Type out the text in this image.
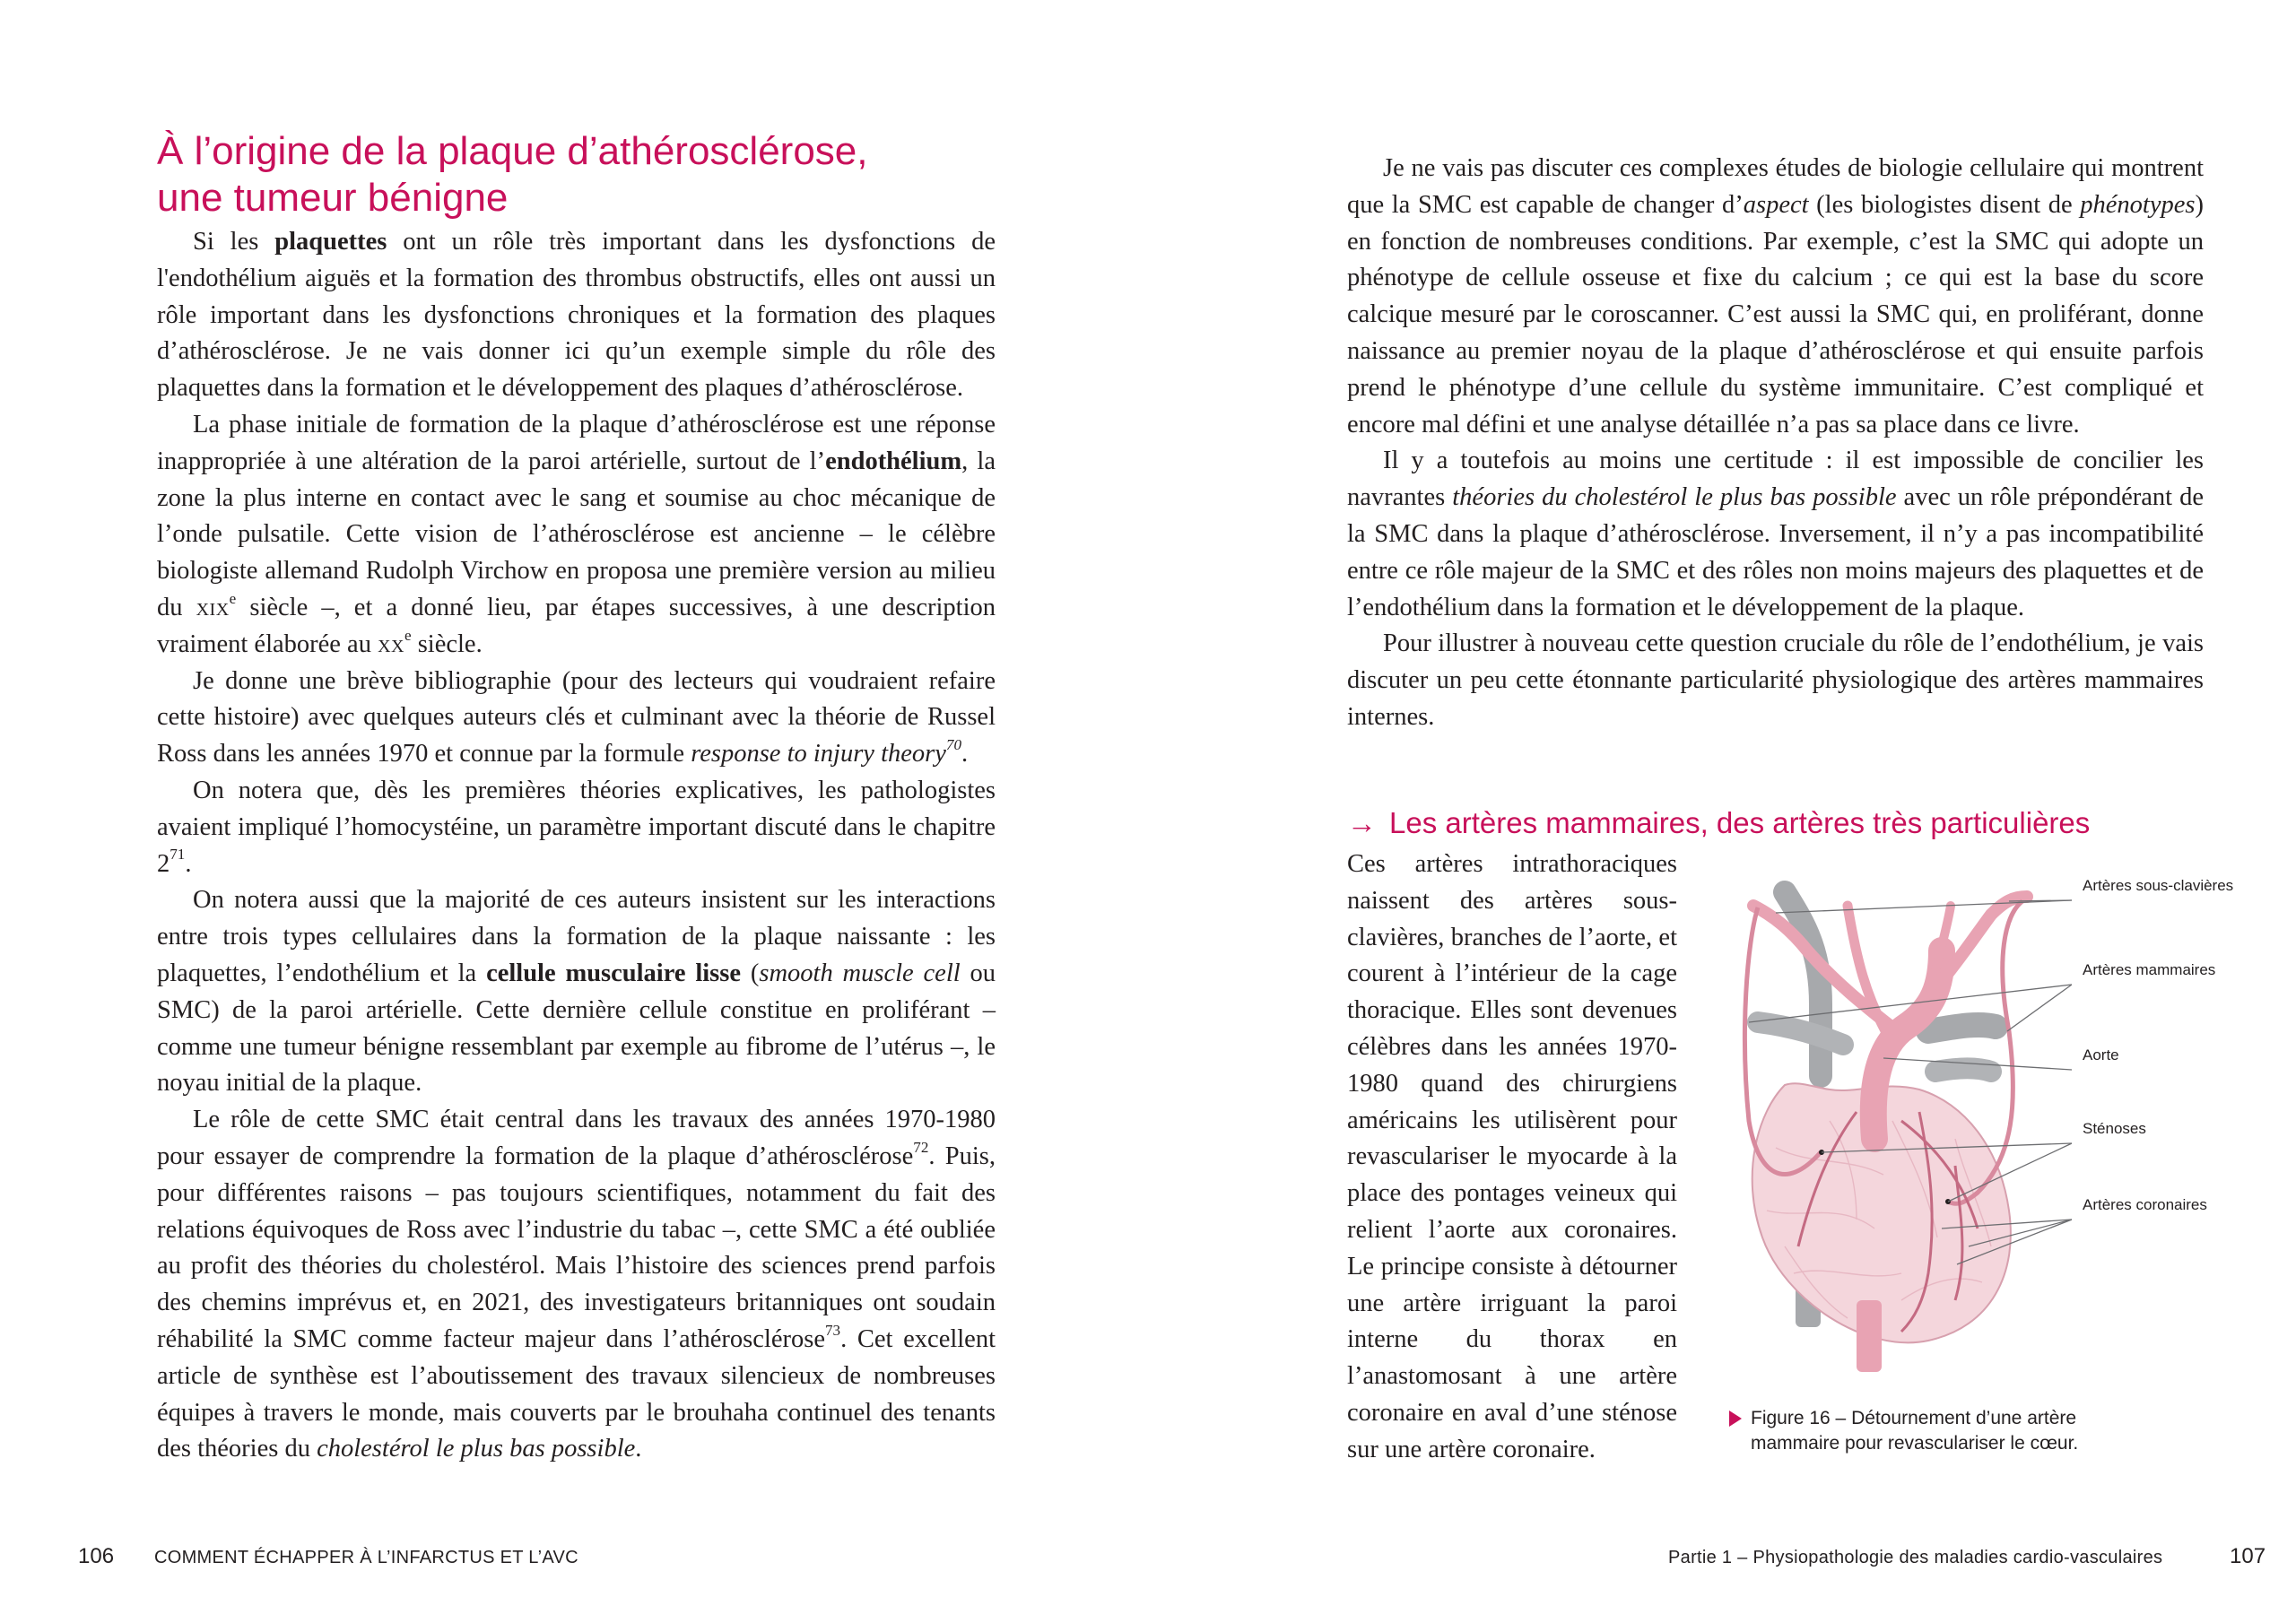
À l’origine de la plaque d’athérosclérose,
une tumeur bénigne

Si les plaquettes ont un rôle très important dans les dysfonctions de l'endothélium aiguës et la formation des thrombus obstructifs, elles ont aussi un rôle important dans les dysfonctions chroniques et la formation des plaques d’athérosclérose. Je ne vais donner ici qu’un exemple simple du rôle des plaquettes dans la formation et le développement des plaques d’athérosclérose.

La phase initiale de formation de la plaque d’athérosclérose est une réponse inappropriée à une altération de la paroi artérielle, surtout de l’endothélium, la zone la plus interne en contact avec le sang et soumise au choc mécanique de l’onde pulsatile. Cette vision de l’athérosclérose est ancienne – le célèbre biologiste allemand Rudolph Virchow en proposa une première version au milieu du xix$^e$ siècle –, et a donné lieu, par étapes successives, à une description vraiment élaborée au $xx^e$ siècle.

Je donne une brève bibliographie (pour des lecteurs qui voudraient refaire cette histoire) avec quelques auteurs clés et culminant avec la théorie de Russel Ross dans les années 1970 et connue par la formule response to injury theory$^{70}$.

On notera que, dès les premières théories explicatives, les pathologistes avaient impliqué l’homocystéine, un paramètre important discuté dans le chapitre $2^{71}$.

On notera aussi que la majorité de ces auteurs insistent sur les interactions entre trois types cellulaires dans la formation de la plaque naissante : les plaquettes, l’endothélium et la cellule musculaire lisse (smooth muscle cell ou SMC) de la paroi artérielle. Cette dernière cellule constitue en proliférant – comme une tumeur bénigne ressemblant par exemple au fibrome de l’utérus –, le noyau initial de la plaque.

Le rôle de cette SMC était central dans les travaux des années 1970-1980 pour essayer de comprendre la formation de la plaque d’athérosclérose$^{72}$. Puis, pour différentes raisons – pas toujours scientifiques, notamment du fait des relations équivoques de Ross avec l’industrie du tabac –, cette SMC a été oubliée au profit des théories du cholestérol. Mais l’histoire des sciences prend parfois des chemins imprévus et, en 2021, des investigateurs britanniques ont soudain réhabilité la SMC comme facteur majeur dans l’athérosclérose$^{73}$. Cet excellent article de synthèse est l’aboutissement des travaux silencieux de nombreuses équipes à travers le monde, mais couverts par le brouhaha continuel des tenants des théories du cholestérol le plus bas possible.

106 COMMENT ÉCHAPPER À L’INFARCTUS ET L’AVC

Je ne vais pas discuter ces complexes études de biologie cellulaire qui montrent que la SMC est capable de changer d’aspect (les biologistes disent de phénotypes) en fonction de nombreuses conditions. Par exemple, c’est la SMC qui adopte un phénotype de cellule osseuse et fixe du calcium ; ce qui est la base du score calcique mesuré par le coroscanner. C’est aussi la SMC qui, en proliférant, donne naissance au premier noyau de la plaque d’athérosclérose et qui ensuite parfois prend le phénotype d’une cellule du système immunitaire. C’est compliqué et encore mal défini et une analyse détaillée n’a pas sa place dans ce livre.

Il y a toutefois au moins une certitude : il est impossible de concilier les navrantes théories du cholestérol le plus bas possible avec un rôle prépondérant de la SMC dans la plaque d’athérosclérose. Inversement, il n’y a pas incompatibilité entre ce rôle majeur de la SMC et des rôles non moins majeurs des plaquettes et de l’endothélium dans la formation et le développement de la plaque.

Pour illustrer à nouveau cette question cruciale du rôle de l’endothélium, je vais discuter un peu cette étonnante particularité physiologique des artères mammaires internes.

→ Les artères mammaires, des artères très particulières

Ces artères intrathoraciques naissent des artères sous-clavières, branches de l’aorte, et courent à l’intérieur de la cage thoracique. Elles sont devenues célèbres dans les années 1970-1980 quand des chirurgiens américains les utilisèrent pour revasculariser le myocarde à la place des pontages veineux qui relient l’aorte aux coronaires. Le principe consiste à détourner une artère irriguant la paroi interne du thorax en l’anastomosant à une artère coronaire en aval d’une sténose sur une artère coronaire.

Artères sous-clavières
Artères mammaires
Aorte
Sténoses
Artères coronaires
Figure 16 – Détournement d’une artère mammaire pour revasculariser le cœur.
Partie 1 – Physiopathologie des maladies cardio-vasculaires	107
